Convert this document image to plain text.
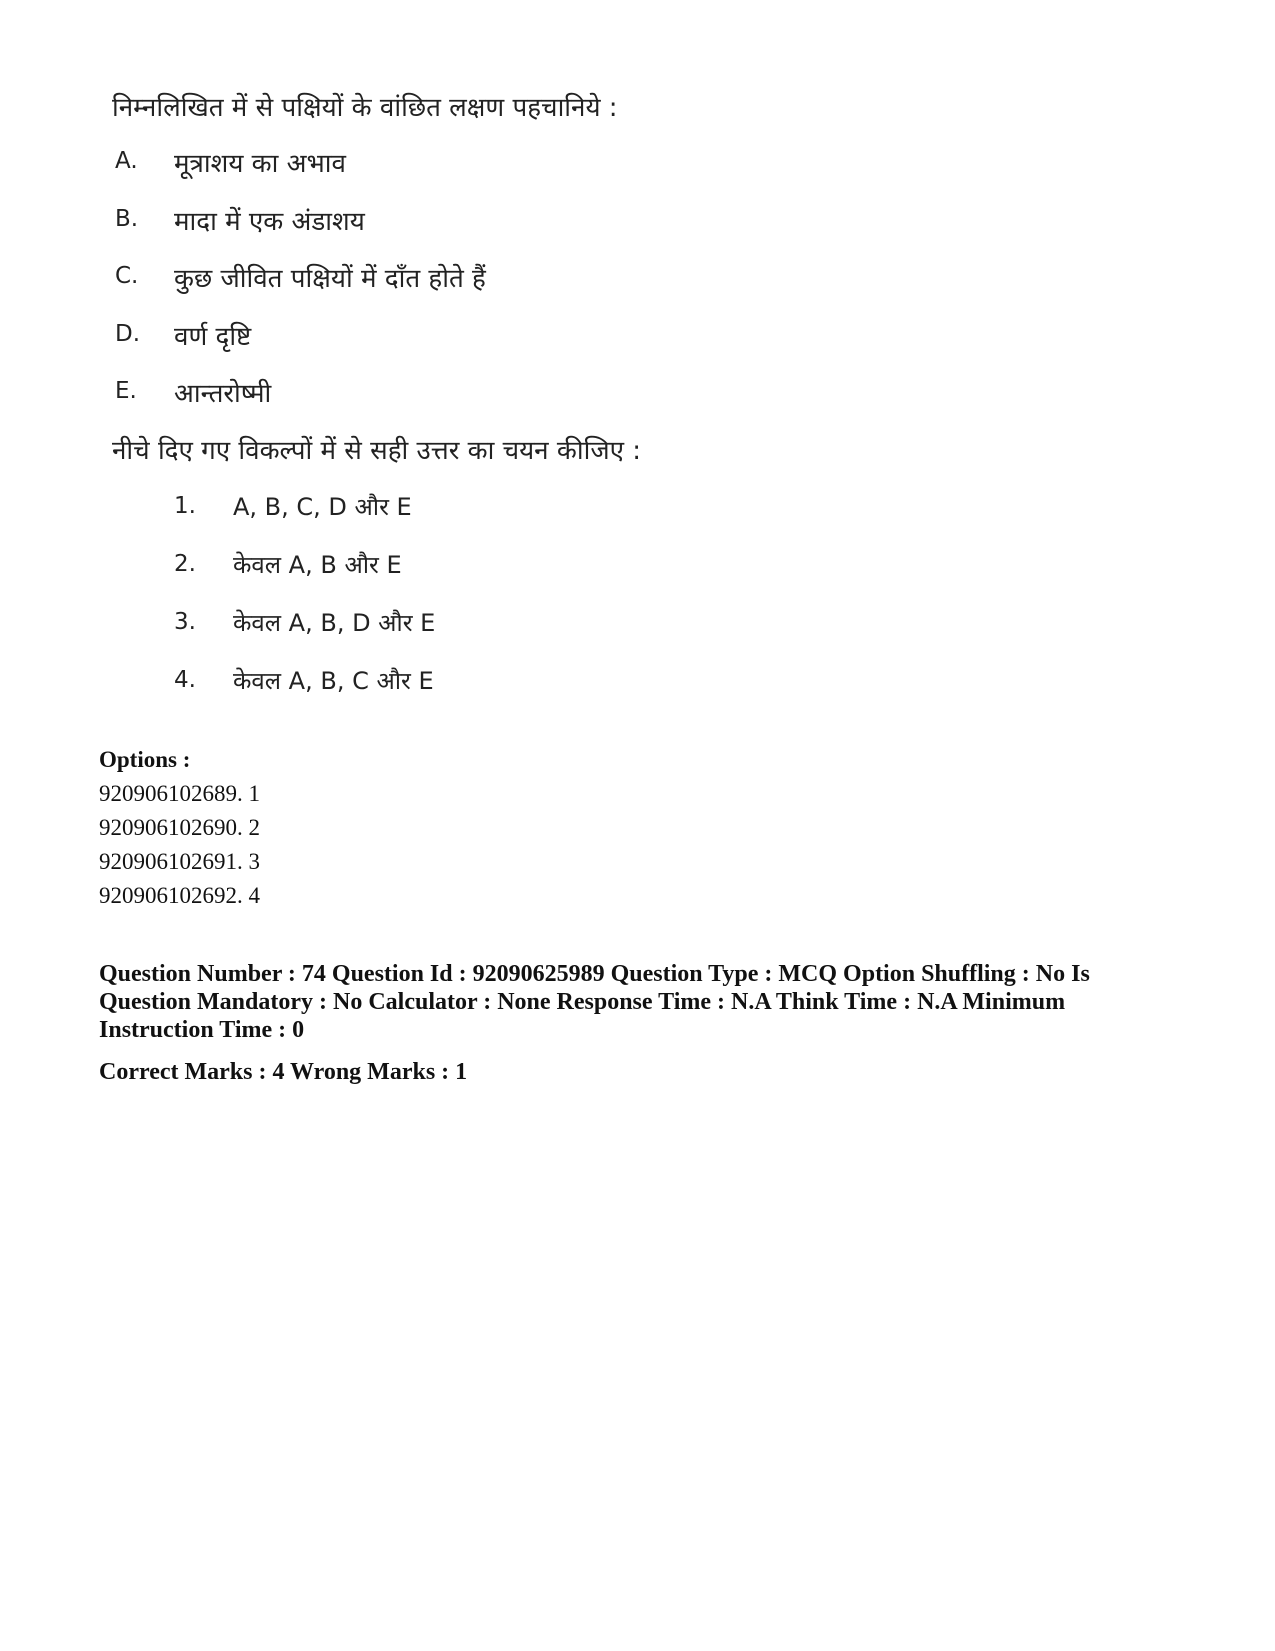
निम्नलिखित में से पक्षियों के वांछित लक्षण पहचानिये :
A.	मूत्राशय का अभाव
B.	मादा में एक अंडाशय
C.	कुछ जीवित पक्षियों में दाँत होते हैं
D.	वर्ण दृष्टि
E.	आन्तरोष्मी
नीचे दिए गए विकल्पों में से सही उत्तर का चयन कीजिए :
1. A, B, C, D और E
2. केवल A, B और E
3. केवल A, B, D और E
4. केवल A, B, C और E
Options :
920906102689. 1
920906102690. 2
920906102691. 3
920906102692. 4
Question Number : 74 Question Id : 92090625989 Question Type : MCQ Option Shuffling : No Is Question Mandatory : No Calculator : None Response Time : N.A Think Time : N.A Minimum Instruction Time : 0
Correct Marks : 4 Wrong Marks : 1
